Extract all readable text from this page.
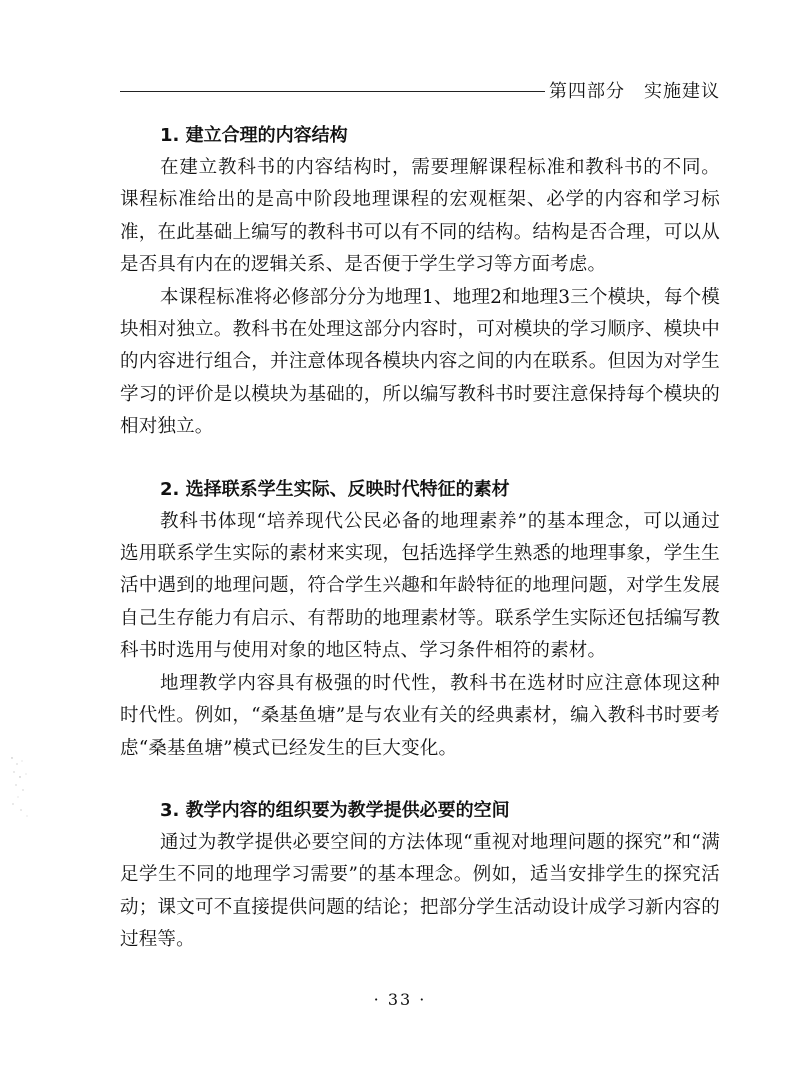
第四部分　实施建议
1. 建立合理的内容结构

在建立教科书的内容结构时，需要理解课程标准和教科书的不同。课程标准给出的是高中阶段地理课程的宏观框架、必学的内容和学习标准，在此基础上编写的教科书可以有不同的结构。结构是否合理，可以从是否具有内在的逻辑关系、是否便于学生学习等方面考虑。

本课程标准将必修部分分为地理1、地理2和地理3三个模块，每个模块相对独立。教科书在处理这部分内容时，可对模块的学习顺序、模块中的内容进行组合，并注意体现各模块内容之间的内在联系。但因为对学生学习的评价是以模块为基础的，所以编写教科书时要注意保持每个模块的相对独立。

2. 选择联系学生实际、反映时代特征的素材

教科书体现“培养现代公民必备的地理素养”的基本理念，可以通过选用联系学生实际的素材来实现，包括选择学生熟悉的地理事象，学生生活中遇到的地理问题，符合学生兴趣和年龄特征的地理问题，对学生发展自己生存能力有启示、有帮助的地理素材等。联系学生实际还包括编写教科书时选用与使用对象的地区特点、学习条件相符的素材。

地理教学内容具有极强的时代性，教科书在选材时应注意体现这种时代性。例如，“桑基鱼塘”是与农业有关的经典素材，编入教科书时要考虑“桑基鱼塘”模式已经发生的巨大变化。

3. 教学内容的组织要为教学提供必要的空间

通过为教学提供必要空间的方法体现“重视对地理问题的探究”和“满足学生不同的地理学习需要”的基本理念。例如，适当安排学生的探究活动；课文可不直接提供问题的结论；把部分学生活动设计成学习新内容的过程等。

· 33 ·
